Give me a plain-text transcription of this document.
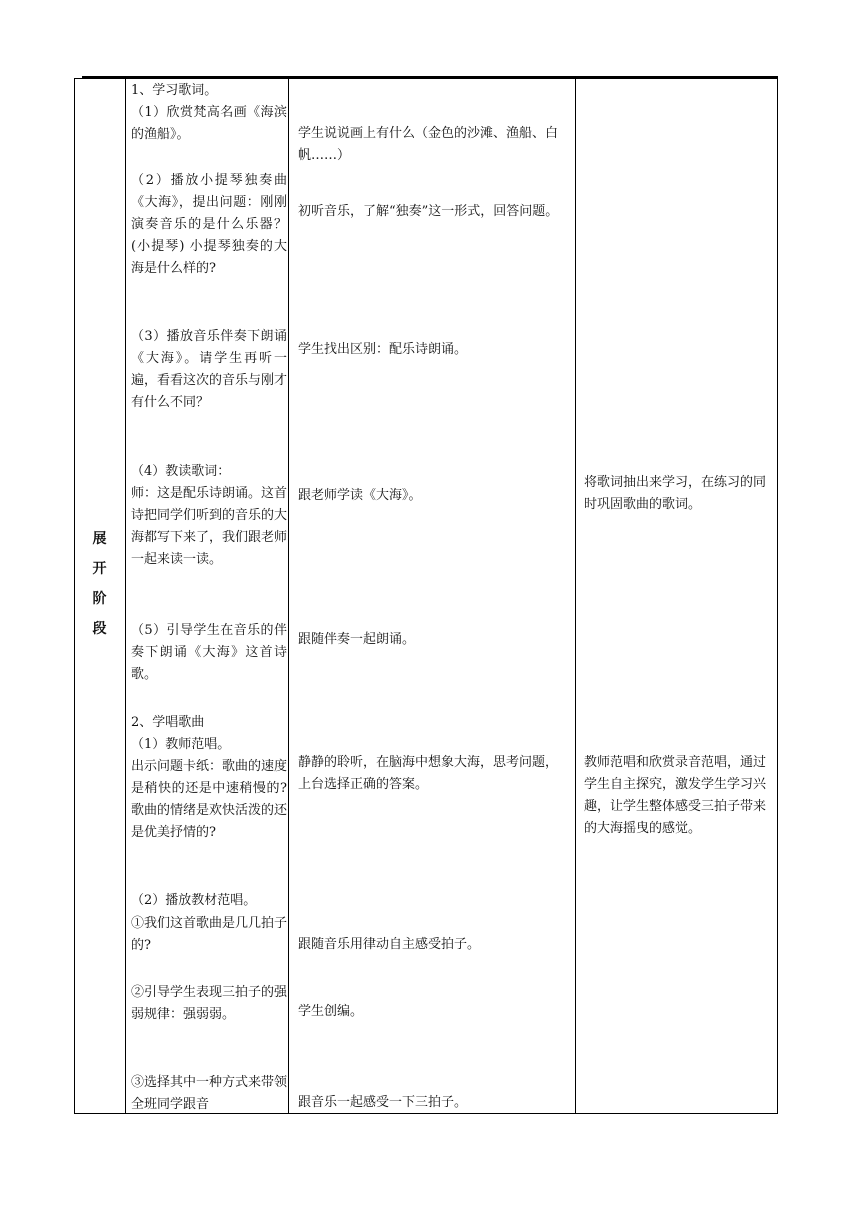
展
开
阶
段
1、学习歌词。
（1）欣赏梵高名画《海滨的渔船》。
（2）播放小提琴独奏曲《大海》，提出问题：刚刚演奏音乐的是什么乐器？(小提琴) 小提琴独奏的大海是什么样的?
（3）播放音乐伴奏下朗诵《大海》。请学生再听一遍，看看这次的音乐与刚才有什么不同？
（4）教读歌词：
师：这是配乐诗朗诵。这首诗把同学们听到的音乐的大海都写下来了，我们跟老师一起来读一读。
（5）引导学生在音乐的伴奏下朗诵《大海》这首诗歌。
2、学唱歌曲
（1）教师范唱。
出示问题卡纸：歌曲的速度是稍快的还是中速稍慢的?歌曲的情绪是欢快活泼的还是优美抒情的?
（2）播放教材范唱。
①我们这首歌曲是几几拍子的?
②引导学生表现三拍子的强弱规律：强弱弱。
③选择其中一种方式来带领全班同学跟音
学生说说画上有什么（金色的沙滩、渔船、白帆……）
初听音乐，了解“独奏”这一形式，回答问题。
学生找出区别：配乐诗朗诵。
跟老师学读《大海》。
跟随伴奏一起朗诵。
静静的聆听，在脑海中想象大海，思考问题，上台选择正确的答案。
跟随音乐用律动自主感受拍子。
学生创编。
跟音乐一起感受一下三拍子。
将歌词抽出来学习，在练习的同时巩固歌曲的歌词。
教师范唱和欣赏录音范唱，通过学生自主探究，激发学生学习兴趣，让学生整体感受三拍子带来的大海摇曳的感觉。
